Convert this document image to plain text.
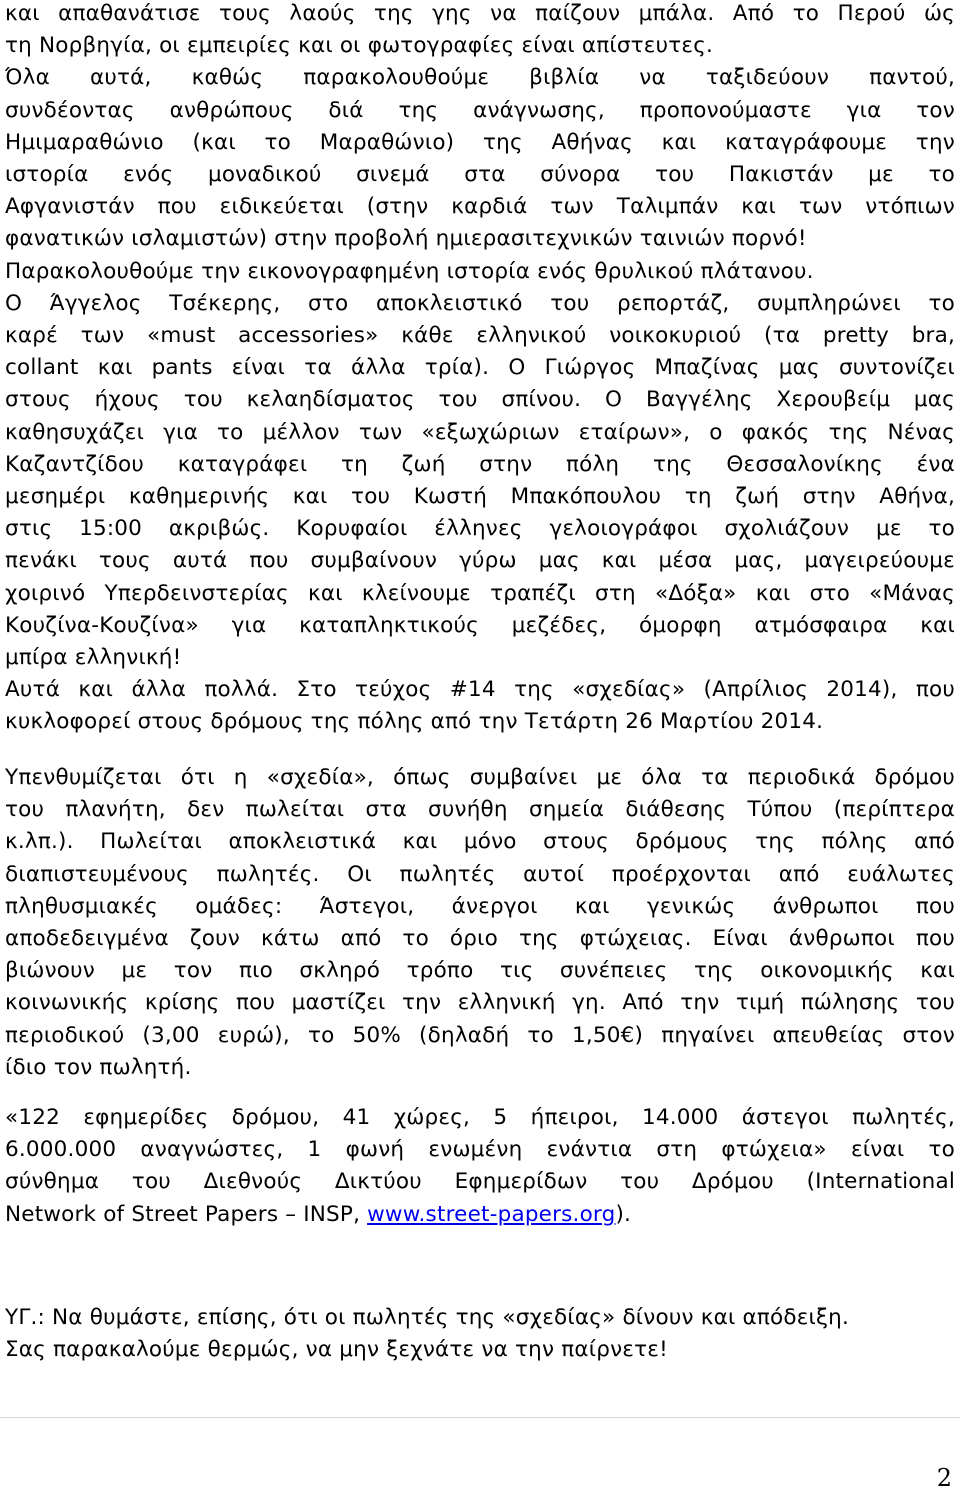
και απαθανάτισε τους λαούς της γης να παίζουν μπάλα. Από το Περού ώς
τη Νορβηγία, οι εμπειρίες και οι φωτογραφίες είναι απίστευτες.
Όλα αυτά, καθώς παρακολουθούμε βιβλία να ταξιδεύουν παντού,
συνδέοντας ανθρώπους διά της ανάγνωσης, προπονούμαστε για τον
Ημιμαραθώνιο (και το Μαραθώνιο) της Αθήνας και καταγράφουμε την
ιστορία ενός μοναδικού σινεμά στα σύνορα του Πακιστάν με το
Αφγανιστάν που ειδικεύεται (στην καρδιά των Ταλιμπάν και των ντόπιων
φανατικών ισλαμιστών) στην προβολή ημιερασιτεχνικών ταινιών πορνό!
Παρακολουθούμε την εικονογραφημένη ιστορία ενός θρυλικού πλάτανου.
Ο Άγγελος Τσέκερης, στο αποκλειστικό του ρεπορτάζ, συμπληρώνει το
καρέ των «must accessories» κάθε ελληνικού νοικοκυριού (τα pretty bra,
collant και pants είναι τα άλλα τρία). Ο Γιώργος Μπαζίνας μας συντονίζει
στους ήχους του κελαηδίσματος του σπίνου. Ο Βαγγέλης Χερουβείμ μας
καθησυχάζει για το μέλλον των «εξωχώριων εταίρων», ο φακός της Νένας
Καζαντζίδου καταγράφει τη ζωή στην πόλη της Θεσσαλονίκης ένα
μεσημέρι καθημερινής και του Κωστή Μπακόπουλου τη ζωή στην Αθήνα,
στις 15:00 ακριβώς. Κορυφαίοι έλληνες γελοιογράφοι σχολιάζουν με το
πενάκι τους αυτά που συμβαίνουν γύρω μας και μέσα μας, μαγειρεύουμε
χοιρινό Υπερδεινστερίας και κλείνουμε τραπέζι στη «Δόξα» και στο «Μάνας
Κουζίνα-Κουζίνα» για καταπληκτικούς μεζέδες, όμορφη ατμόσφαιρα και
μπίρα ελληνική!
Αυτά και άλλα πολλά. Στο τεύχος #14 της «σχεδίας» (Απρίλιος 2014), που
κυκλοφορεί στους δρόμους της πόλης από την Τετάρτη 26 Μαρτίου 2014.
Υπενθυμίζεται ότι η «σχεδία», όπως συμβαίνει με όλα τα περιοδικά δρόμου
του πλανήτη, δεν πωλείται στα συνήθη σημεία διάθεσης Τύπου (περίπτερα
κ.λπ.). Πωλείται αποκλειστικά και μόνο στους δρόμους της πόλης από
διαπιστευμένους πωλητές. Οι πωλητές αυτοί προέρχονται από ευάλωτες
πληθυσμιακές ομάδες: Άστεγοι, άνεργοι και γενικώς άνθρωποι που
αποδεδειγμένα ζουν κάτω από το όριο της φτώχειας. Είναι άνθρωποι που
βιώνουν με τον πιο σκληρό τρόπο τις συνέπειες της οικονομικής και
κοινωνικής κρίσης που μαστίζει την ελληνική γη. Από την τιμή πώλησης του
περιοδικού (3,00 ευρώ), το 50% (δηλαδή το 1,50€) πηγαίνει απευθείας στον
ίδιο τον πωλητή.
«122 εφημερίδες δρόμου, 41 χώρες, 5 ήπειροι, 14.000 άστεγοι πωλητές,
6.000.000 αναγνώστες, 1 φωνή ενωμένη ενάντια στη φτώχεια» είναι το
σύνθημα του Διεθνούς Δικτύου Εφημερίδων του Δρόμου (International
Network of Street Papers – INSP, www.street-papers.org).
ΥΓ.: Να θυμάστε, επίσης, ότι οι πωλητές της «σχεδίας» δίνουν και απόδειξη.
Σας παρακαλούμε θερμώς, να μην ξεχνάτε να την παίρνετε!
2
